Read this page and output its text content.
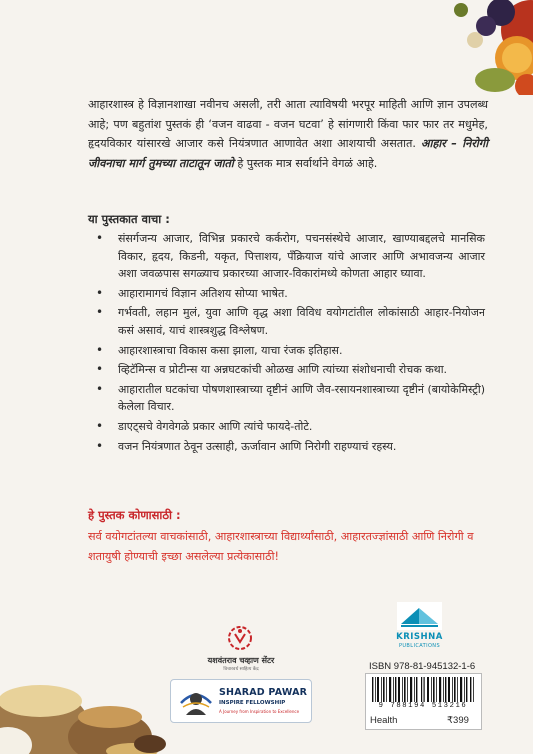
आहारशास्त्र हे विज्ञानशाखा नवीनच असली, तरी आता त्याविषयी भरपूर माहिती आणि ज्ञान उपलब्ध आहे; पण बहुतांश पुस्तकं ही ‘वजन वाढवा - वजन घटवा’ हे सांगणारी किंवा फार फार तर मधुमेह, हृदयविकार यांसारखे आजार कसे नियंत्रणात आणावेत अशा आशयाची असतात. आहार – निरोगी जीवनाचा मार्ग तुमच्या ताटातून जातो हे पुस्तक मात्र सर्वार्थाने वेगळं आहे.
या पुस्तकात वाचा :
• संसर्गजन्य आजार, विभिन्न प्रकारचे कर्करोग, पचनसंस्थेचे आजार, खाण्याबद्दलचे मानसिक विकार, हृदय, किडनी, यकृत, पित्ताशय, पॅंक्रियाज यांचे आजार आणि अभावजन्य आजार अशा जवळपास सगळ्याच प्रकारच्या आजार-विकारांमध्ये कोणता आहार घ्यावा.
• आहारामागचं विज्ञान अतिशय सोप्या भाषेत.
• गर्भवती, लहान मुलं, युवा आणि वृद्ध अशा विविध वयोगटांतील लोकांसाठी आहार-नियोजन कसं असावं, याचं शास्त्रशुद्ध विश्लेषण.
• आहारशास्त्राचा विकास कसा झाला, याचा रंजक इतिहास.
• व्हिटॅमिन्स व प्रोटीन्स या अन्नघटकांची ओळख आणि त्यांच्या संशोधनाची रोचक कथा.
• आहारातील घटकांचा पोषणशास्त्राच्या दृष्टीनं आणि जैव-रसायनशास्त्राच्या दृष्टीनं (बायोकेमिस्ट्री) केलेला विचार.
• डाएट्सचे वेगवेगळे प्रकार आणि त्यांचे फायदे-तोटे.
• वजन नियंत्रणात ठेवून उत्साही, ऊर्जावान आणि निरोगी राहण्याचं रहस्य.
हे पुस्तक कोणासाठी :
सर्व वयोगटांतल्या वाचकांसाठी, आहारशास्त्राच्या विद्यार्थ्यांसाठी, आहारतज्ज्ञांसाठी आणि निरोगी व शतायुषी होण्याची इच्छा असलेल्या प्रत्येकासाठी!
यशवंतराव चव्हाण सेंटर
विचारवर्ध साहित्य केंद्र
SHARAD PAWAR
INSPIRE FELLOWSHIP
A Journey from Inspiration to Excellence
KRISHNA
PUBLICATIONS
ISBN 978-81-945132-1-6
9 788194 513216
Health	₹399
